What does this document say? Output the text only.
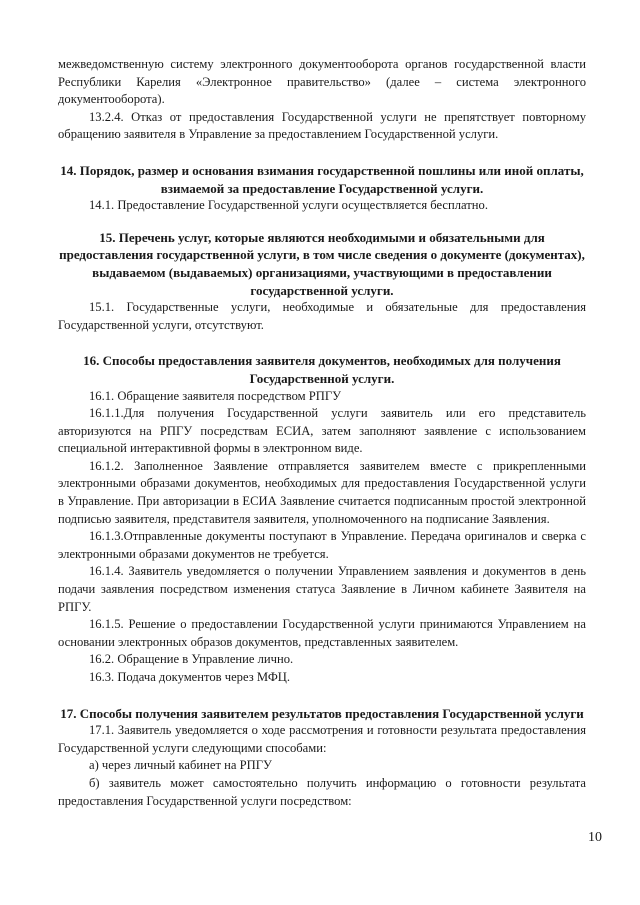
межведомственную систему электронного документооборота органов государственной власти Республики Карелия «Электронное правительство» (далее – система электронного документооборота).

13.2.4. Отказ от предоставления Государственной услуги не препятствует повторному обращению заявителя в Управление за предоставлением Государственной услуги.

14. Порядок, размер и основания взимания государственной пошлины или иной оплаты, взимаемой за предоставление Государственной услуги.

14.1. Предоставление Государственной услуги осуществляется бесплатно.

15. Перечень услуг, которые являются необходимыми и обязательными для предоставления государственной услуги, в том числе сведения о документе (документах), выдаваемом (выдаваемых) организациями, участвующими в предоставлении государственной услуги.

15.1. Государственные услуги, необходимые и обязательные для предоставления Государственной услуги, отсутствуют.

16. Способы предоставления заявителя документов, необходимых для получения Государственной услуги.

16.1. Обращение заявителя посредством РПГУ

16.1.1.Для получения Государственной услуги заявитель или его представитель авторизуются на РПГУ посредствам ЕСИА, затем заполняют заявление с использованием специальной интерактивной формы в электронном виде.

16.1.2. Заполненное Заявление отправляется заявителем вместе с прикрепленными электронными образами документов, необходимых для предоставления Государственной услуги в Управление. При авторизации в ЕСИА Заявление считается подписанным простой электронной подписью заявителя, представителя заявителя, уполномоченного на подписание Заявления.

16.1.3.Отправленные документы поступают в Управление. Передача оригиналов и сверка с электронными образами документов не требуется.

16.1.4. Заявитель уведомляется о получении Управлением заявления и документов в день подачи заявления посредством изменения статуса Заявление в Личном кабинете Заявителя на РПГУ.

16.1.5. Решение о предоставлении Государственной услуги принимаются Управлением на основании электронных образов документов, представленных заявителем.

16.2. Обращение в Управление лично.

16.3. Подача документов через МФЦ.

17. Способы получения заявителем результатов предоставления Государственной услуги

17.1. Заявитель уведомляется о ходе рассмотрения и готовности результата предоставления Государственной услуги следующими способами:

а) через личный кабинет на РПГУ

б) заявитель может самостоятельно получить информацию о готовности результата предоставления Государственной услуги посредством:

10
